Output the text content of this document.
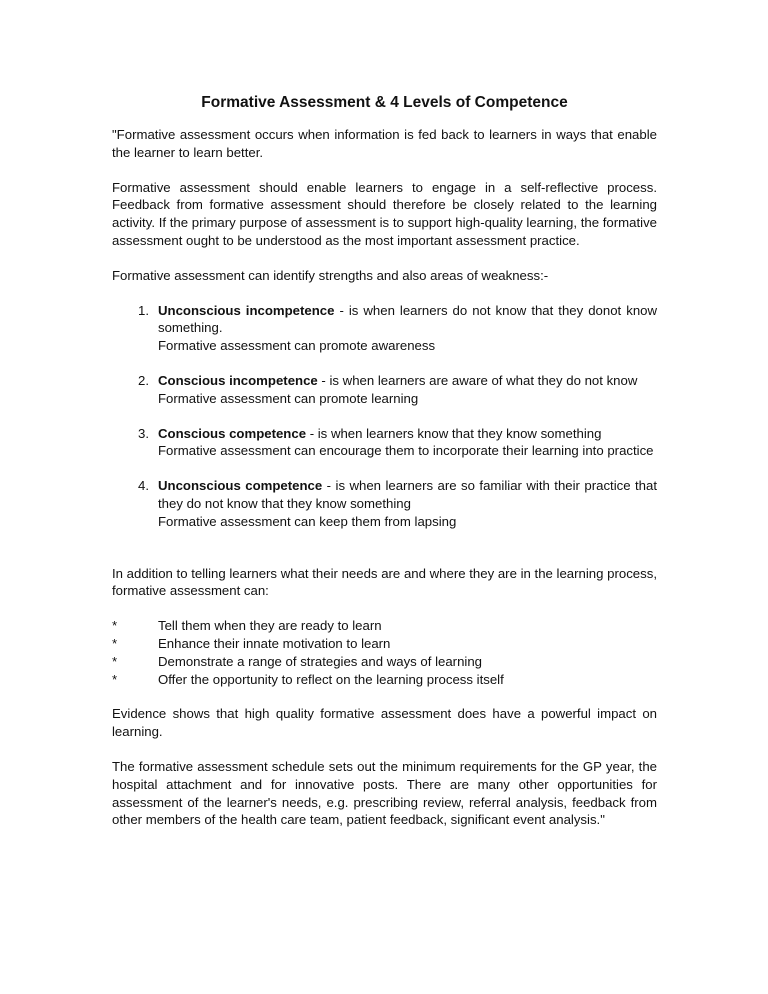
Formative Assessment & 4 Levels of Competence

"Formative assessment occurs when information is fed back to learners in ways that enable the learner to learn better.

Formative assessment should enable learners to engage in a self-reflective process. Feedback from formative assessment should therefore be closely related to the learning activity. If the primary purpose of assessment is to support high-quality learning, the formative assessment ought to be understood as the most important assessment practice.

Formative assessment can identify strengths and also areas of weakness:-

1. Unconscious incompetence - is when learners do not know that they donot know something.
Formative assessment can promote awareness
2. Conscious incompetence - is when learners are aware of what they do not know
Formative assessment can promote learning
3. Conscious competence - is when learners know that they know something
Formative assessment can encourage them to incorporate their learning into practice
4. Unconscious competence - is when learners are so familiar with their practice that they do not know that they know something
Formative assessment can keep them from lapsing

In addition to telling learners what their needs are and where they are in the learning process, formative assessment can:

*	Tell them when they are ready to learn
*	Enhance their innate motivation to learn
*	Demonstrate a range of strategies and ways of learning
*	Offer the opportunity to reflect on the learning process itself

Evidence shows that high quality formative assessment does have a powerful impact on learning.

The formative assessment schedule sets out the minimum requirements for the GP year, the hospital attachment and for innovative posts. There are many other opportunities for assessment of the learner's needs, e.g. prescribing review, referral analysis, feedback from other members of the health care team, patient feedback, significant event analysis."
